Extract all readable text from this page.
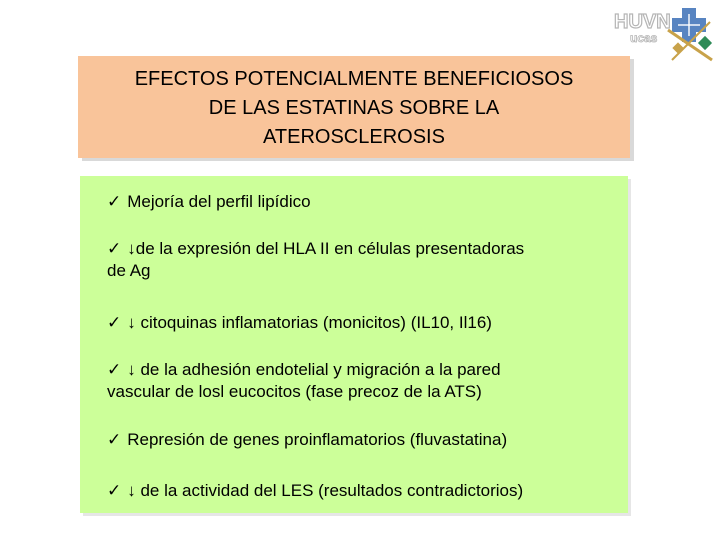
HUVN
ucas
EFECTOS POTENCIALMENTE BENEFICIOSOS
DE LAS ESTATINAS SOBRE LA
ATEROSCLEROSIS
✓ Mejoría del perfil lipídico
✓ ↓de la expresión del HLA II en células presentadoras
de Ag
✓ ↓ citoquinas inflamatorias (monicitos) (IL10, Il16)
✓ ↓ de la adhesión endotelial y migración a la pared
vascular de losl eucocitos (fase precoz de la ATS)
✓ Represión de genes proinflamatorios (fluvastatina)
✓ ↓ de la actividad del LES (resultados contradictorios)
